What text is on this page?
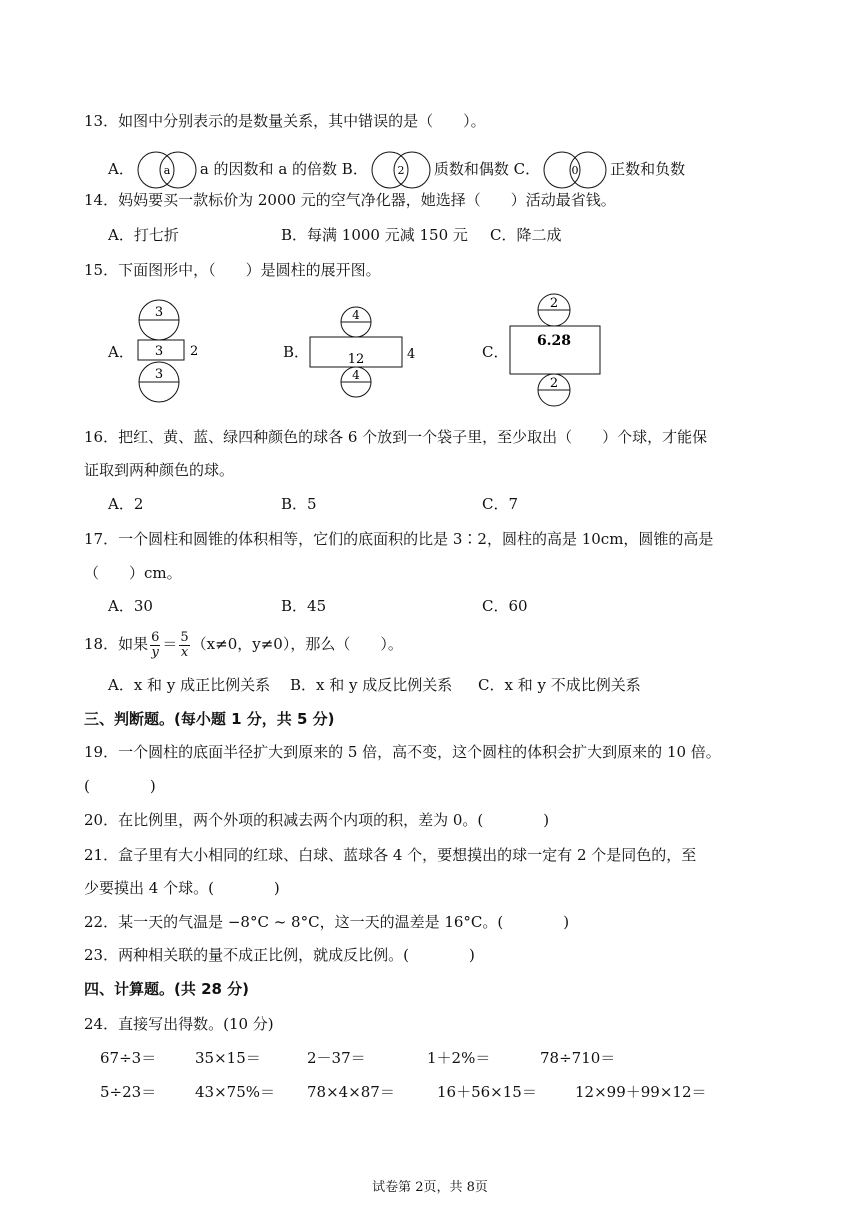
13．如图中分别表示的是数量关系，其中错误的是（　　）。
A．	a a 的因数和 a 的倍数 B．	2 质数和偶数 C．	0 正数和负数
14．妈妈要买一款标价为 2000 元的空气净化器，她选择（　　）活动最省钱。
A．打七折	B．每满 1000 元减 150 元 C．降二成
15．下面图形中，（　　）是圆柱的展开图。
A．
3
3 2
3
B．
4
12	4
4
C．
2
6.28
2
16．把红、黄、蓝、绿四种颜色的球各 6 个放到一个袋子里，至少取出（　　）个球，才能保
证取到两种颜色的球。
A．2	B．5	C．7
17．一个圆柱和圆锥的体积相等，它们的底面积的比是 3∶2，圆柱的高是 10cm，圆锥的高是
（　　）cm。
A．30	B．45	C．60
18．如果 $\frac{6}{y} = \frac{5}{x} (x\ne 0$，y≠0），那么（　　）。
A．x 和 y 成正比例关系 B．x 和 y 成反比例关系 C．x 和 y 不成比例关系
三、判断题。(每小题 1 分，共 5 分)
19．一个圆柱的底面半径扩大到原来的 5 倍，高不变，这个圆柱的体积会扩大到原来的 10 倍。
(　　　　)
20．在比例里，两个外项的积减去两个内项的积，差为 0。(　　　　)
21．盒子里有大小相同的红球、白球、蓝球各 4 个，要想摸出的球一定有 2 个是同色的，至
少要摸出 4 个球。(　　　　)
22．某一天的气温是 −8°C ~ 8°C，这一天的温差是 16°C。(　　　　)
23．两种相关联的量不成正比例，就成反比例。(　　　　)
四、计算题。(共 28 分)
24．直接写出得数。(10 分)
67÷3＝	35×15＝	2－37＝	1＋2%＝	78÷710＝
5÷23＝	43×75%＝ 78×4×87＝	16＋56×15＝	12×99＋99×12＝
试卷第 2页，共 8页
